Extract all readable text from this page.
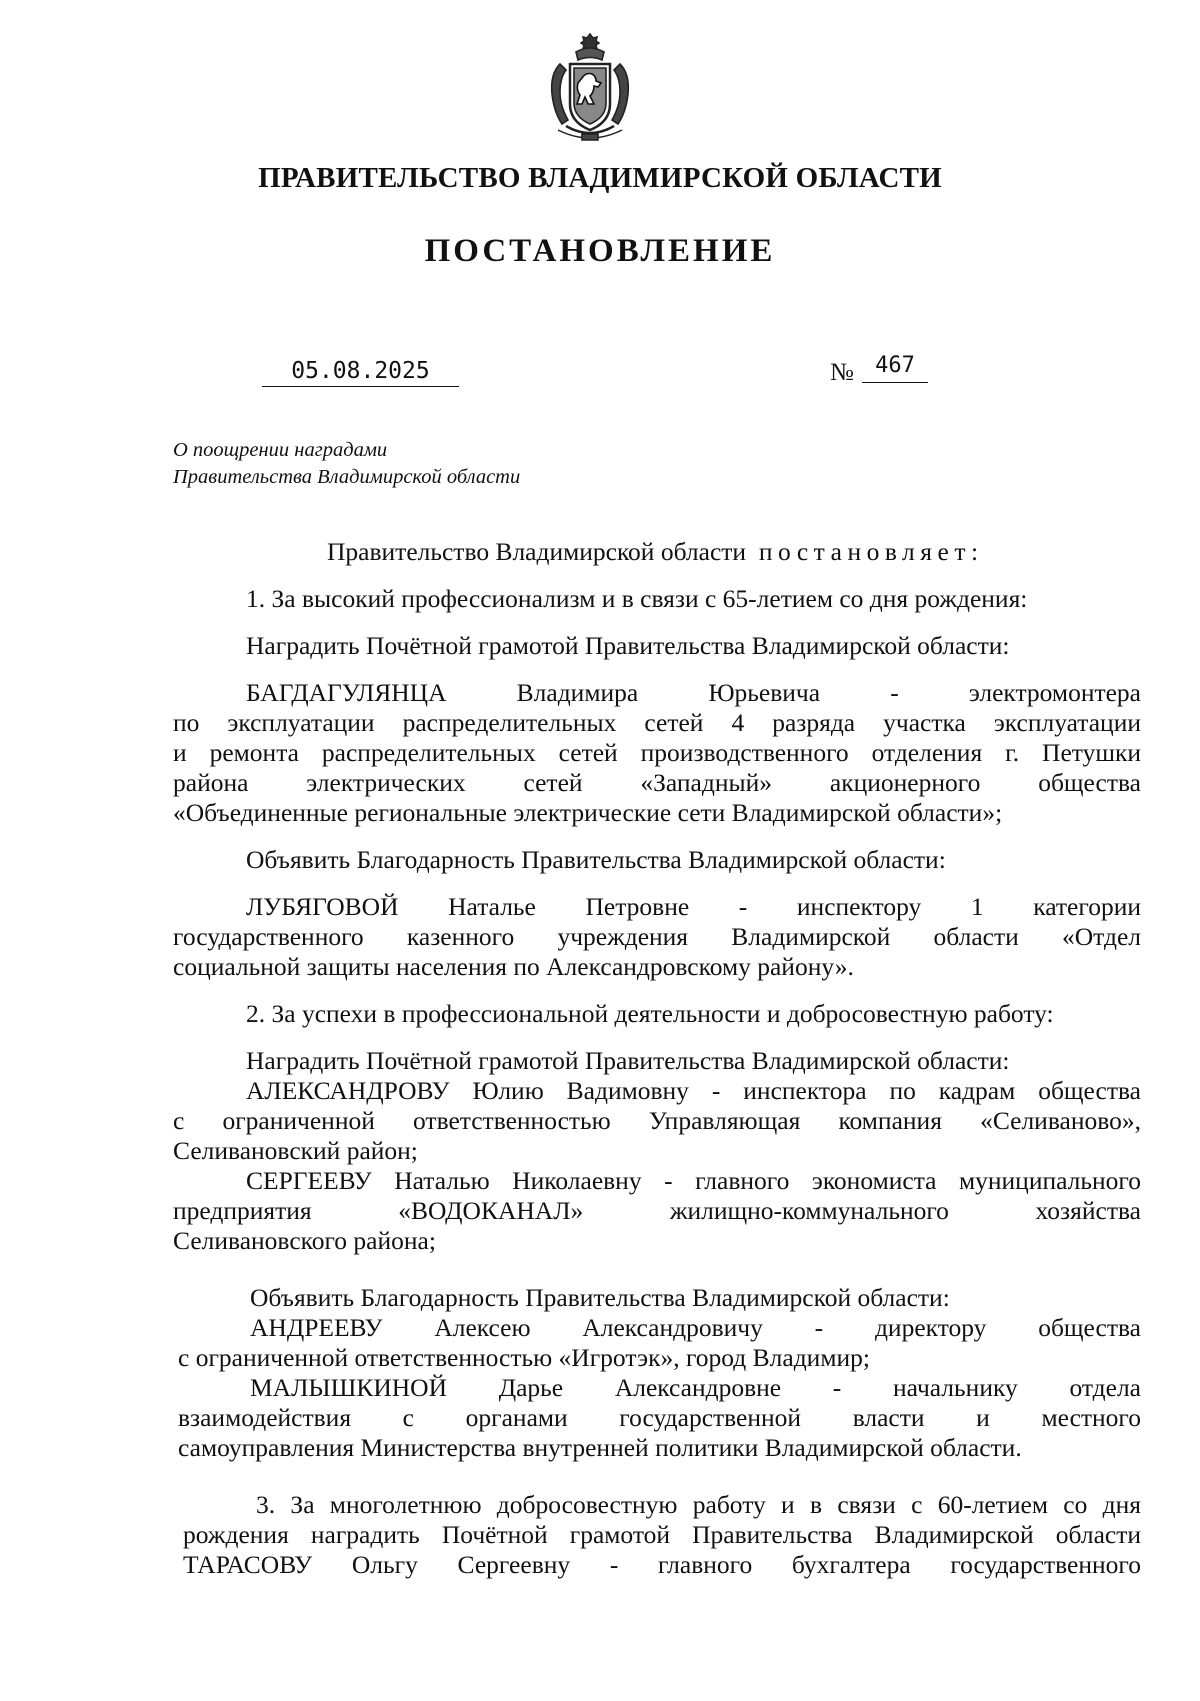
ПРАВИТЕЛЬСТВО ВЛАДИМИРСКОЙ ОБЛАСТИ
ПОСТАНОВЛЕНИЕ
05.08.2025	№ 467
О поощрении наградами
Правительства Владимирской области
Правительство Владимирской области постановляет:
1. За высокий профессионализм и в связи с 65-летием со дня рождения:
Наградить Почётной грамотой Правительства Владимирской области:
БАГДАГУЛЯНЦА Владимира Юрьевича - электромонтера
по эксплуатации распределительных сетей 4 разряда участка эксплуатации
и ремонта распределительных сетей производственного отделения г. Петушки
района электрических сетей «Западный» акционерного общества
«Объединенные региональные электрические сети Владимирской области»;
Объявить Благодарность Правительства Владимирской области:
ЛУБЯГОВОЙ Наталье Петровне - инспектору 1 категории
государственного казенного учреждения Владимирской области «Отдел
социальной защиты населения по Александровскому району».
2. За успехи в профессиональной деятельности и добросовестную работу:
Наградить Почётной грамотой Правительства Владимирской области:
АЛЕКСАНДРОВУ Юлию Вадимовну - инспектора по кадрам общества
с ограниченной ответственностью Управляющая компания «Селиваново»,
Селивановский район;
СЕРГЕЕВУ Наталью Николаевну - главного экономиста муниципального
предприятия «ВОДОКАНАЛ» жилищно-коммунального хозяйства
Селивановского района;
Объявить Благодарность Правительства Владимирской области:
АНДРЕЕВУ Алексею Александровичу - директору общества
с ограниченной ответственностью «Игротэк», город Владимир;
МАЛЫШКИНОЙ Дарье Александровне - начальнику отдела
взаимодействия с органами государственной власти и местного
самоуправления Министерства внутренней политики Владимирской области.
3. За многолетнюю добросовестную работу и в связи с 60-летием со дня
рождения наградить Почётной грамотой Правительства Владимирской области
ТАРАСОВУ Ольгу Сергеевну - главного бухгалтера государственного
